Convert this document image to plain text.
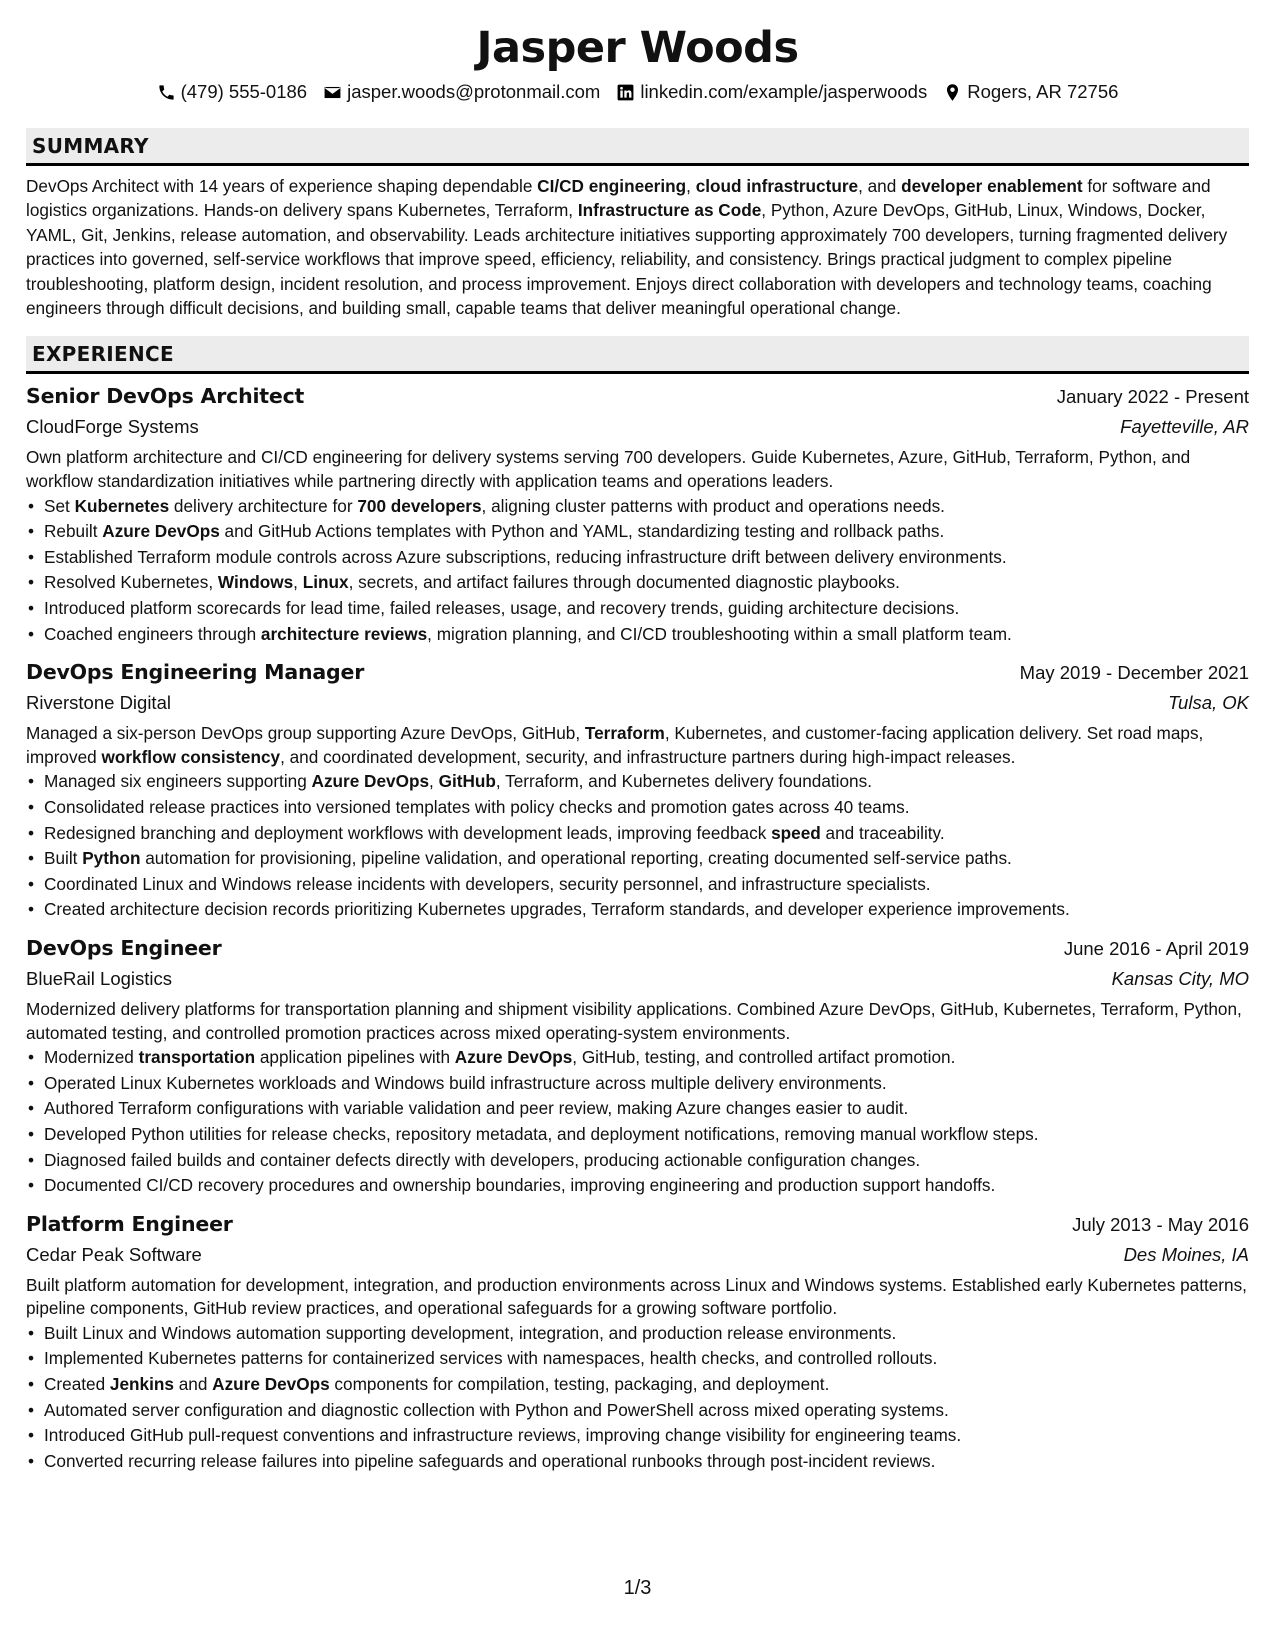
Jasper Woods
(479) 555-0186 jasper.woods@protonmail.com linkedin.com/example/jasperwoods Rogers, AR 72756
SUMMARY
DevOps Architect with 14 years of experience shaping dependable CI/CD engineering, cloud infrastructure, and developer enablement for software and logistics organizations. Hands-on delivery spans Kubernetes, Terraform, Infrastructure as Code, Python, Azure DevOps, GitHub, Linux, Windows, Docker, YAML, Git, Jenkins, release automation, and observability. Leads architecture initiatives supporting approximately 700 developers, turning fragmented delivery practices into governed, self-service workflows that improve speed, efficiency, reliability, and consistency. Brings practical judgment to complex pipeline troubleshooting, platform design, incident resolution, and process improvement. Enjoys direct collaboration with developers and technology teams, coaching engineers through difficult decisions, and building small, capable teams that deliver meaningful operational change.
EXPERIENCE
Senior DevOps Architect	January 2022 - Present
CloudForge Systems	Fayetteville, AR
Own platform architecture and CI/CD engineering for delivery systems serving 700 developers. Guide Kubernetes, Azure, GitHub, Terraform, Python, and workflow standardization initiatives while partnering directly with application teams and operations leaders.
• Set Kubernetes delivery architecture for 700 developers, aligning cluster patterns with product and operations needs.
• Rebuilt Azure DevOps and GitHub Actions templates with Python and YAML, standardizing testing and rollback paths.
• Established Terraform module controls across Azure subscriptions, reducing infrastructure drift between delivery environments.
• Resolved Kubernetes, Windows, Linux, secrets, and artifact failures through documented diagnostic playbooks.
• Introduced platform scorecards for lead time, failed releases, usage, and recovery trends, guiding architecture decisions.
• Coached engineers through architecture reviews, migration planning, and CI/CD troubleshooting within a small platform team.
DevOps Engineering Manager	May 2019 - December 2021
Riverstone Digital	Tulsa, OK
Managed a six-person DevOps group supporting Azure DevOps, GitHub, Terraform, Kubernetes, and customer-facing application delivery. Set road maps, improved workflow consistency, and coordinated development, security, and infrastructure partners during high-impact releases.
• Managed six engineers supporting Azure DevOps, GitHub, Terraform, and Kubernetes delivery foundations.
• Consolidated release practices into versioned templates with policy checks and promotion gates across 40 teams.
• Redesigned branching and deployment workflows with development leads, improving feedback speed and traceability.
• Built Python automation for provisioning, pipeline validation, and operational reporting, creating documented self-service paths.
• Coordinated Linux and Windows release incidents with developers, security personnel, and infrastructure specialists.
• Created architecture decision records prioritizing Kubernetes upgrades, Terraform standards, and developer experience improvements.
DevOps Engineer	June 2016 - April 2019
BlueRail Logistics	Kansas City, MO
Modernized delivery platforms for transportation planning and shipment visibility applications. Combined Azure DevOps, GitHub, Kubernetes, Terraform, Python, automated testing, and controlled promotion practices across mixed operating-system environments.
• Modernized transportation application pipelines with Azure DevOps, GitHub, testing, and controlled artifact promotion.
• Operated Linux Kubernetes workloads and Windows build infrastructure across multiple delivery environments.
• Authored Terraform configurations with variable validation and peer review, making Azure changes easier to audit.
• Developed Python utilities for release checks, repository metadata, and deployment notifications, removing manual workflow steps.
• Diagnosed failed builds and container defects directly with developers, producing actionable configuration changes.
• Documented CI/CD recovery procedures and ownership boundaries, improving engineering and production support handoffs.
Platform Engineer	July 2013 - May 2016
Cedar Peak Software	Des Moines, IA
Built platform automation for development, integration, and production environments across Linux and Windows systems. Established early Kubernetes patterns, pipeline components, GitHub review practices, and operational safeguards for a growing software portfolio.
• Built Linux and Windows automation supporting development, integration, and production release environments.
• Implemented Kubernetes patterns for containerized services with namespaces, health checks, and controlled rollouts.
• Created Jenkins and Azure DevOps components for compilation, testing, packaging, and deployment.
• Automated server configuration and diagnostic collection with Python and PowerShell across mixed operating systems.
• Introduced GitHub pull-request conventions and infrastructure reviews, improving change visibility for engineering teams.
• Converted recurring release failures into pipeline safeguards and operational runbooks through post-incident reviews.
1/3
